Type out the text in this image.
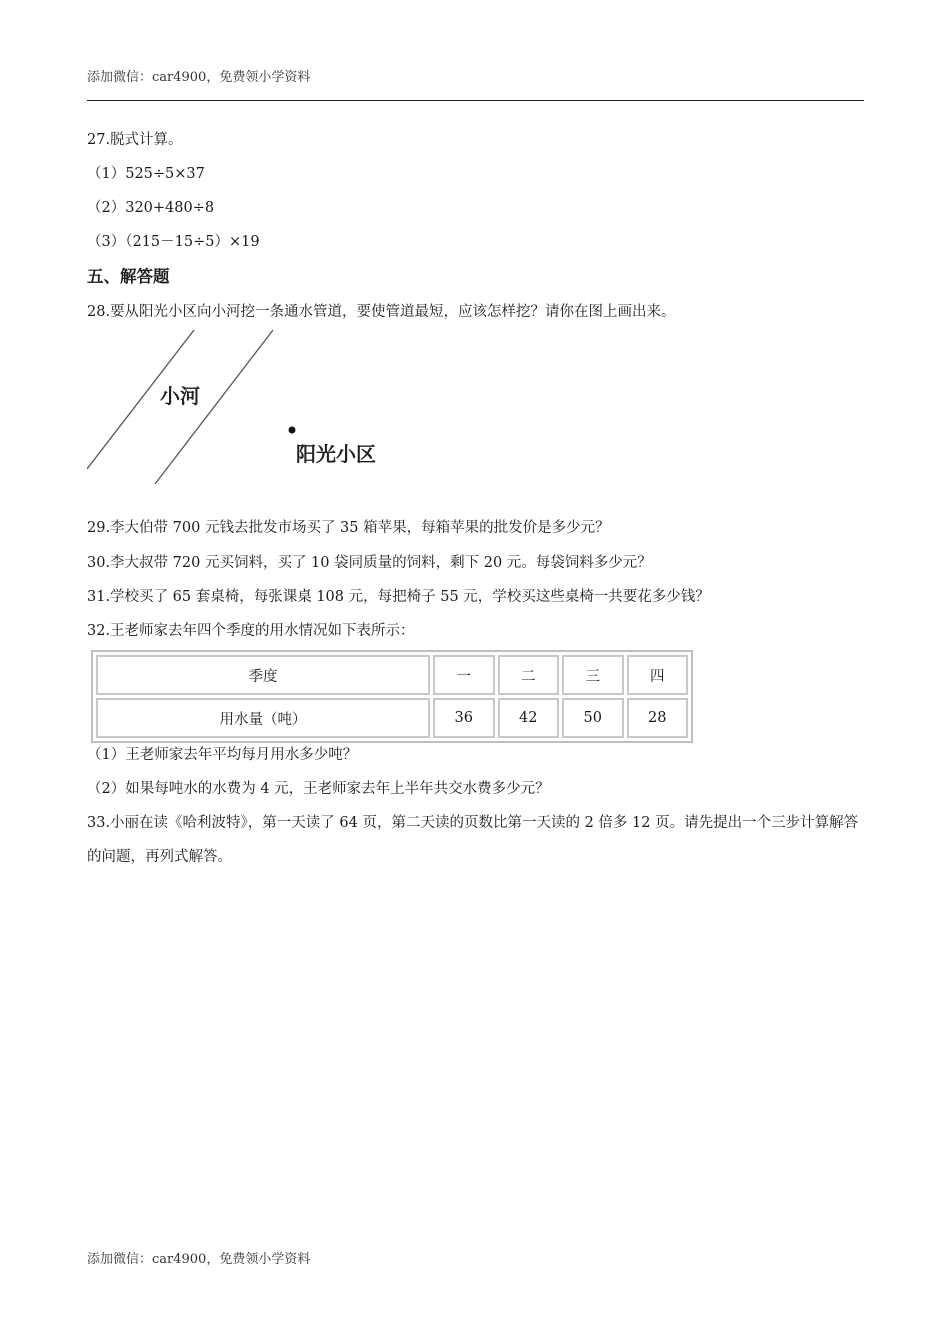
添加微信：car4900，免费领小学资料
27.脱式计算。
（1）525÷5×37
（2）320+480÷8
（3）（215－15÷5）×19
五、解答题
28.要从阳光小区向小河挖一条通水管道，要使管道最短，应该怎样挖？请你在图上画出来。
小河
阳光小区
29.李大伯带 700 元钱去批发市场买了 35 箱苹果，每箱苹果的批发价是多少元？
30.李大叔带 720 元买饲料，买了 10 袋同质量的饲料，剩下 20 元。每袋饲料多少元？
31.学校买了 65 套桌椅，每张课桌 108 元，每把椅子 55 元，学校买这些桌椅一共要花多少钱？
32.王老师家去年四个季度的用水情况如下表所示：
季度	一	二	三	四
用水量（吨）	36	42	50	28
（1）王老师家去年平均每月用水多少吨？
（2）如果每吨水的水费为 4 元，王老师家去年上半年共交水费多少元？
33.小丽在读《哈利波特》，第一天读了 64 页，第二天读的页数比第一天读的 2 倍多 12 页。请先提出一个三步计算解答的问题，再列式解答。
添加微信：car4900，免费领小学资料
